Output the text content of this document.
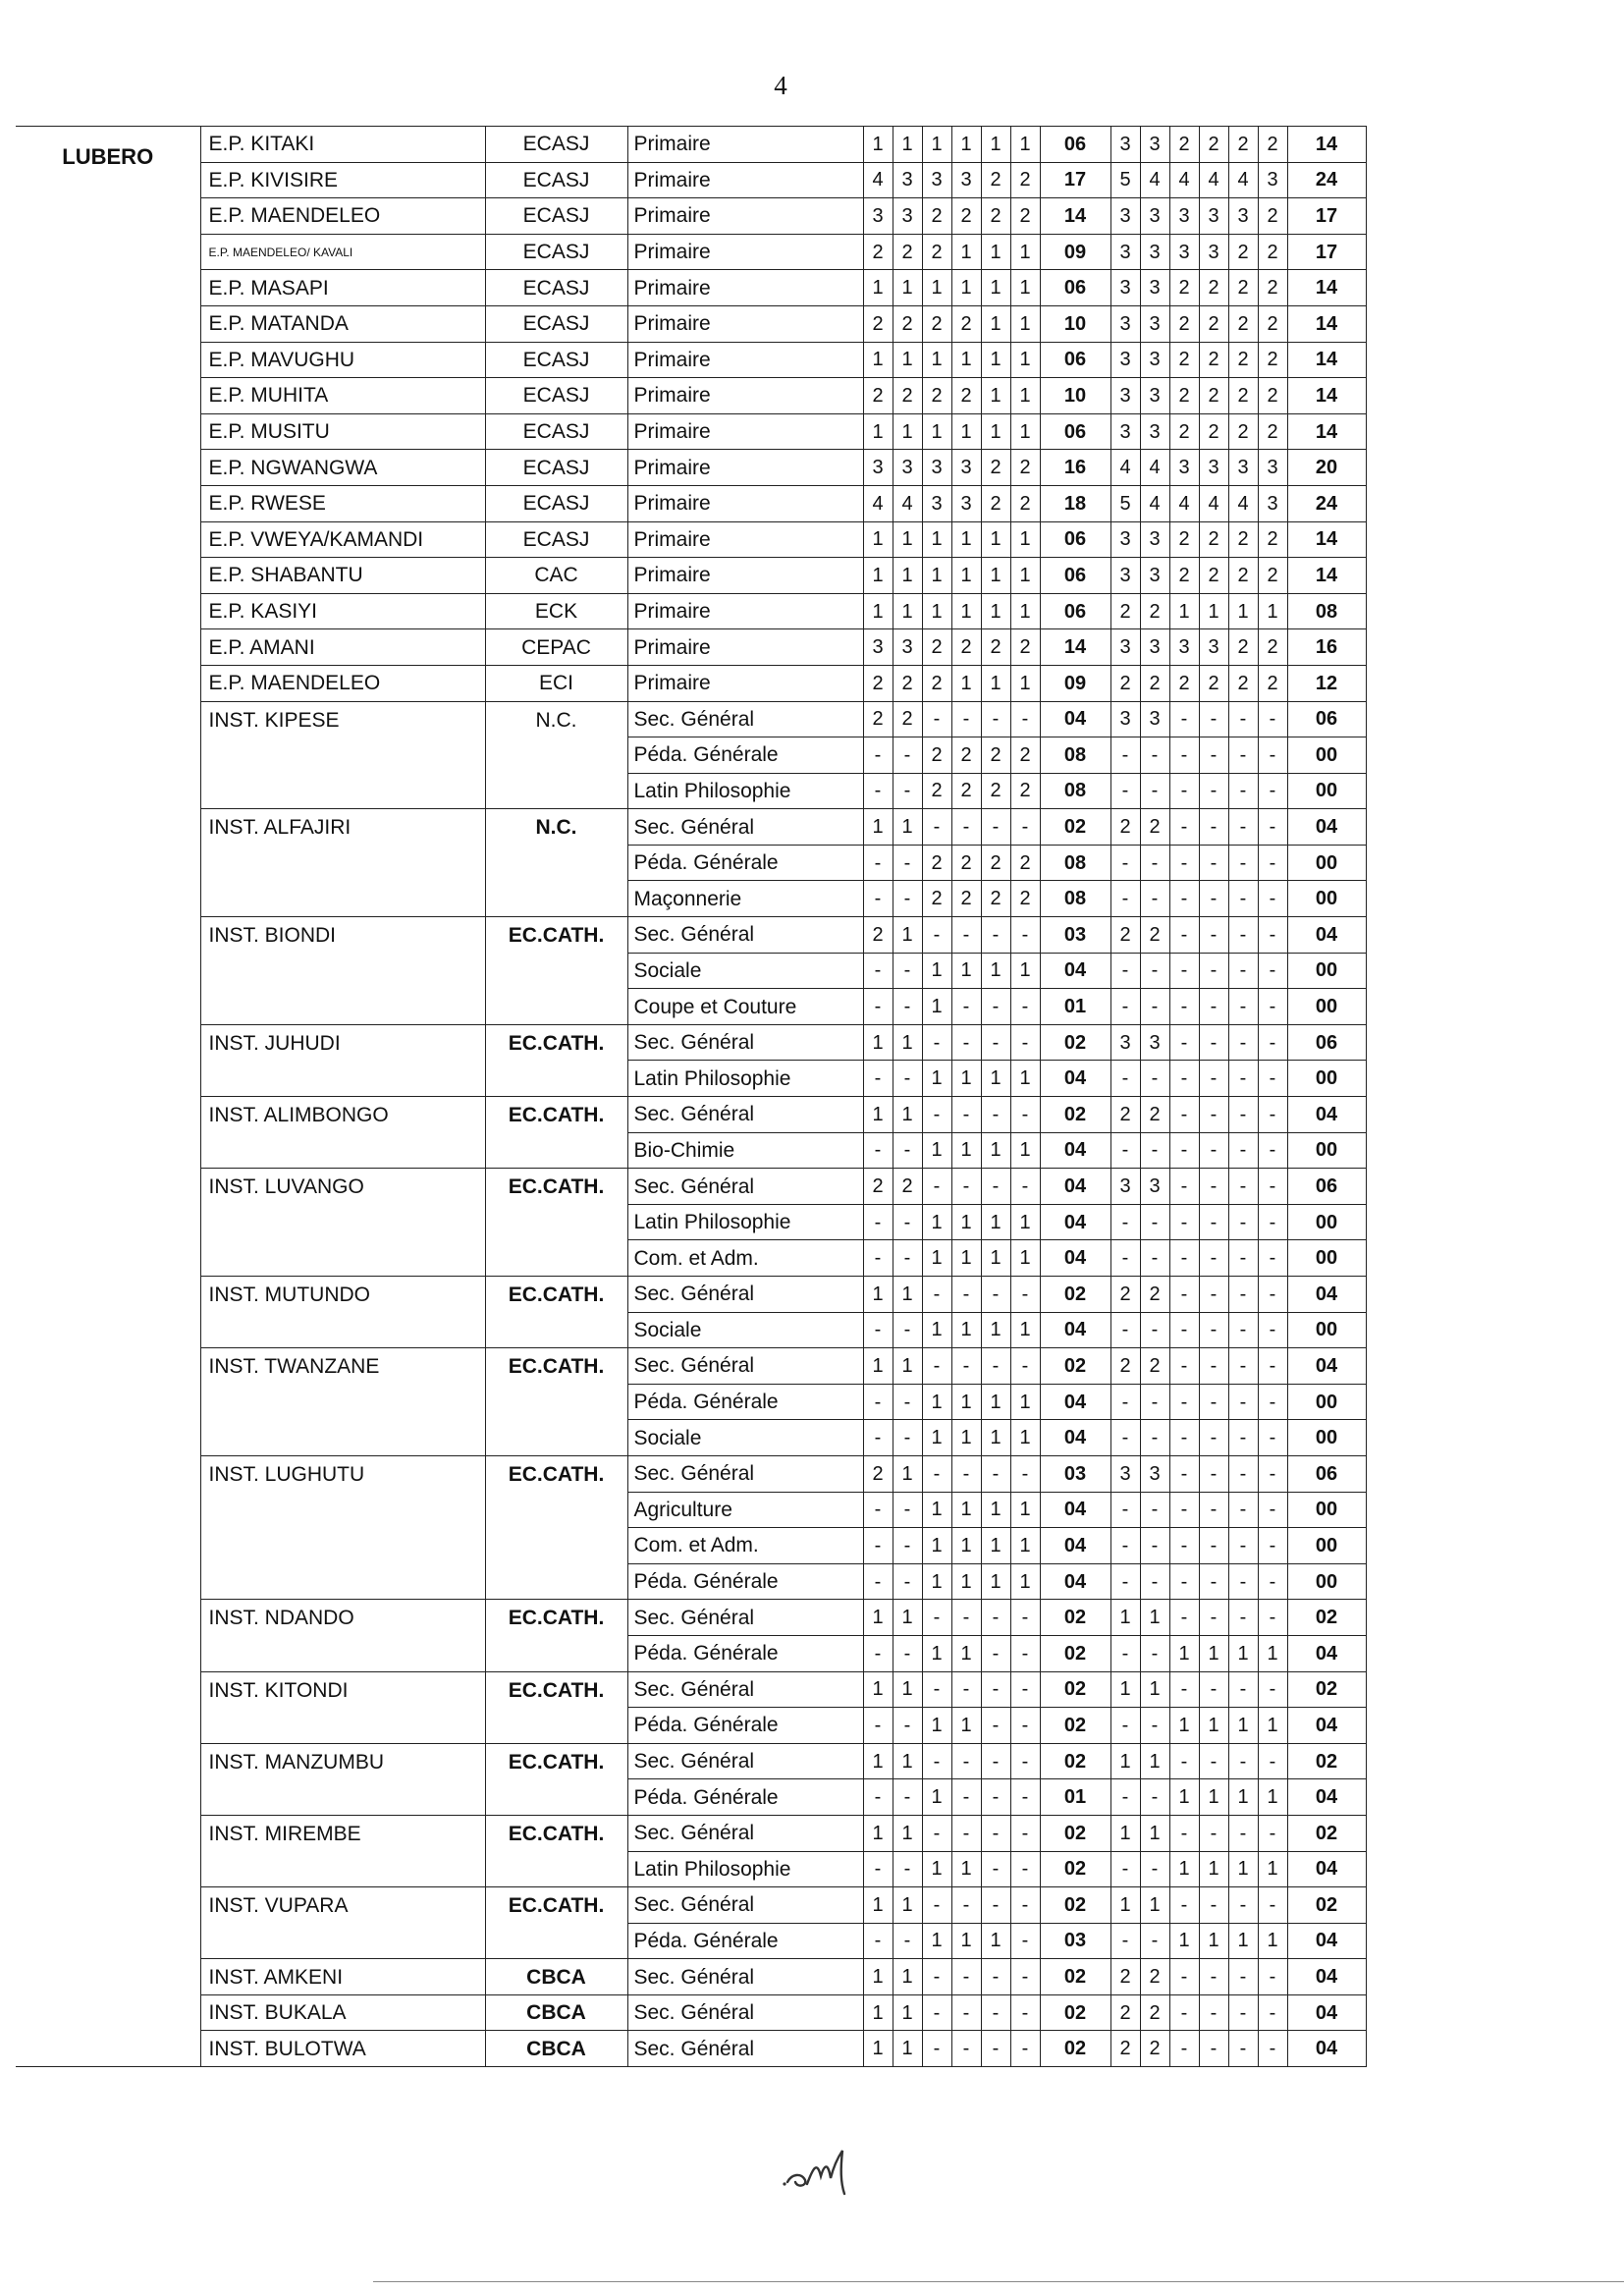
4
LUBERO	E.P. KITAKI	ECASJ	Primaire	1	1	1	1	1	1	06	3	3	2	2	2	2	14
	E.P. KIVISIRE	ECASJ	Primaire	4	3	3	3	2	2	17	5	4	4	4	4	3	24
	E.P. MAENDELEO	ECASJ	Primaire	3	3	2	2	2	2	14	3	3	3	3	3	2	17
	E.P. MAENDELEO/ KAVALI	ECASJ	Primaire	2	2	2	1	1	1	09	3	3	3	3	2	2	17
	E.P. MASAPI	ECASJ	Primaire	1	1	1	1	1	1	06	3	3	2	2	2	2	14
	E.P. MATANDA	ECASJ	Primaire	2	2	2	2	1	1	10	3	3	2	2	2	2	14
	E.P. MAVUGHU	ECASJ	Primaire	1	1	1	1	1	1	06	3	3	2	2	2	2	14
	E.P. MUHITA	ECASJ	Primaire	2	2	2	2	1	1	10	3	3	2	2	2	2	14
	E.P. MUSITU	ECASJ	Primaire	1	1	1	1	1	1	06	3	3	2	2	2	2	14
	E.P. NGWANGWA	ECASJ	Primaire	3	3	3	3	2	2	16	4	4	3	3	3	3	20
	E.P. RWESE	ECASJ	Primaire	4	4	3	3	2	2	18	5	4	4	4	4	3	24
	E.P. VWEYA/KAMANDI	ECASJ	Primaire	1	1	1	1	1	1	06	3	3	2	2	2	2	14
	E.P. SHABANTU	CAC	Primaire	1	1	1	1	1	1	06	3	3	2	2	2	2	14
	E.P. KASIYI	ECK	Primaire	1	1	1	1	1	1	06	2	2	1	1	1	1	08
	E.P. AMANI	CEPAC	Primaire	3	3	2	2	2	2	14	3	3	3	3	2	2	16
	E.P. MAENDELEO	ECI	Primaire	2	2	2	1	1	1	09	2	2	2	2	2	2	12
	INST. KIPESE	N.C.	Sec. Général	2	2	-	-	-	-	04	3	3	-	-	-	-	06
			Péda. Générale	-	-	2	2	2	2	08	-	-	-	-	-	-	00
			Latin Philosophie	-	-	2	2	2	2	08	-	-	-	-	-	-	00
	INST. ALFAJIRI	N.C.	Sec. Général	1	1	-	-	-	-	02	2	2	-	-	-	-	04
			Péda. Générale	-	-	2	2	2	2	08	-	-	-	-	-	-	00
			Maçonnerie	-	-	2	2	2	2	08	-	-	-	-	-	-	00
	INST. BIONDI	EC.CATH.	Sec. Général	2	1	-	-	-	-	03	2	2	-	-	-	-	04
			Sociale	-	-	1	1	1	1	04	-	-	-	-	-	-	00
			Coupe et Couture	-	-	1	-	-	-	01	-	-	-	-	-	-	00
	INST. JUHUDI	EC.CATH.	Sec. Général	1	1	-	-	-	-	02	3	3	-	-	-	-	06
			Latin Philosophie	-	-	1	1	1	1	04	-	-	-	-	-	-	00
	INST. ALIMBONGO	EC.CATH.	Sec. Général	1	1	-	-	-	-	02	2	2	-	-	-	-	04
			Bio-Chimie	-	-	1	1	1	1	04	-	-	-	-	-	-	00
	INST. LUVANGO	EC.CATH.	Sec. Général	2	2	-	-	-	-	04	3	3	-	-	-	-	06
			Latin Philosophie	-	-	1	1	1	1	04	-	-	-	-	-	-	00
			Com. et Adm.	-	-	1	1	1	1	04	-	-	-	-	-	-	00
	INST. MUTUNDO	EC.CATH.	Sec. Général	1	1	-	-	-	-	02	2	2	-	-	-	-	04
			Sociale	-	-	1	1	1	1	04	-	-	-	-	-	-	00
	INST. TWANZANE	EC.CATH.	Sec. Général	1	1	-	-	-	-	02	2	2	-	-	-	-	04
			Péda. Générale	-	-	1	1	1	1	04	-	-	-	-	-	-	00
			Sociale	-	-	1	1	1	1	04	-	-	-	-	-	-	00
	INST. LUGHUTU	EC.CATH.	Sec. Général	2	1	-	-	-	-	03	3	3	-	-	-	-	06
			Agriculture	-	-	1	1	1	1	04	-	-	-	-	-	-	00
			Com. et Adm.	-	-	1	1	1	1	04	-	-	-	-	-	-	00
			Péda. Générale	-	-	1	1	1	1	04	-	-	-	-	-	-	00
	INST. NDANDO	EC.CATH.	Sec. Général	1	1	-	-	-	-	02	1	1	-	-	-	-	02
			Péda. Générale	-	-	1	1	-	-	02	-	-	1	1	1	1	04
	INST. KITONDI	EC.CATH.	Sec. Général	1	1	-	-	-	-	02	1	1	-	-	-	-	02
			Péda. Générale	-	-	1	1	-	-	02	-	-	1	1	1	1	04
	INST. MANZUMBU	EC.CATH.	Sec. Général	1	1	-	-	-	-	02	1	1	-	-	-	-	02
			Péda. Générale	-	-	1	-	-	-	01	-	-	1	1	1	1	04
	INST. MIREMBE	EC.CATH.	Sec. Général	1	1	-	-	-	-	02	1	1	-	-	-	-	02
			Latin Philosophie	-	-	1	1	-	-	02	-	-	1	1	1	1	04
	INST. VUPARA	EC.CATH.	Sec. Général	1	1	-	-	-	-	02	1	1	-	-	-	-	02
			Péda. Générale	-	-	1	1	1	-	03	-	-	1	1	1	1	04
	INST. AMKENI	CBCA	Sec. Général	1	1	-	-	-	-	02	2	2	-	-	-	-	04
	INST. BUKALA	CBCA	Sec. Général	1	1	-	-	-	-	02	2	2	-	-	-	-	04
	INST. BULOTWA	CBCA	Sec. Général	1	1	-	-	-	-	02	2	2	-	-	-	-	04
